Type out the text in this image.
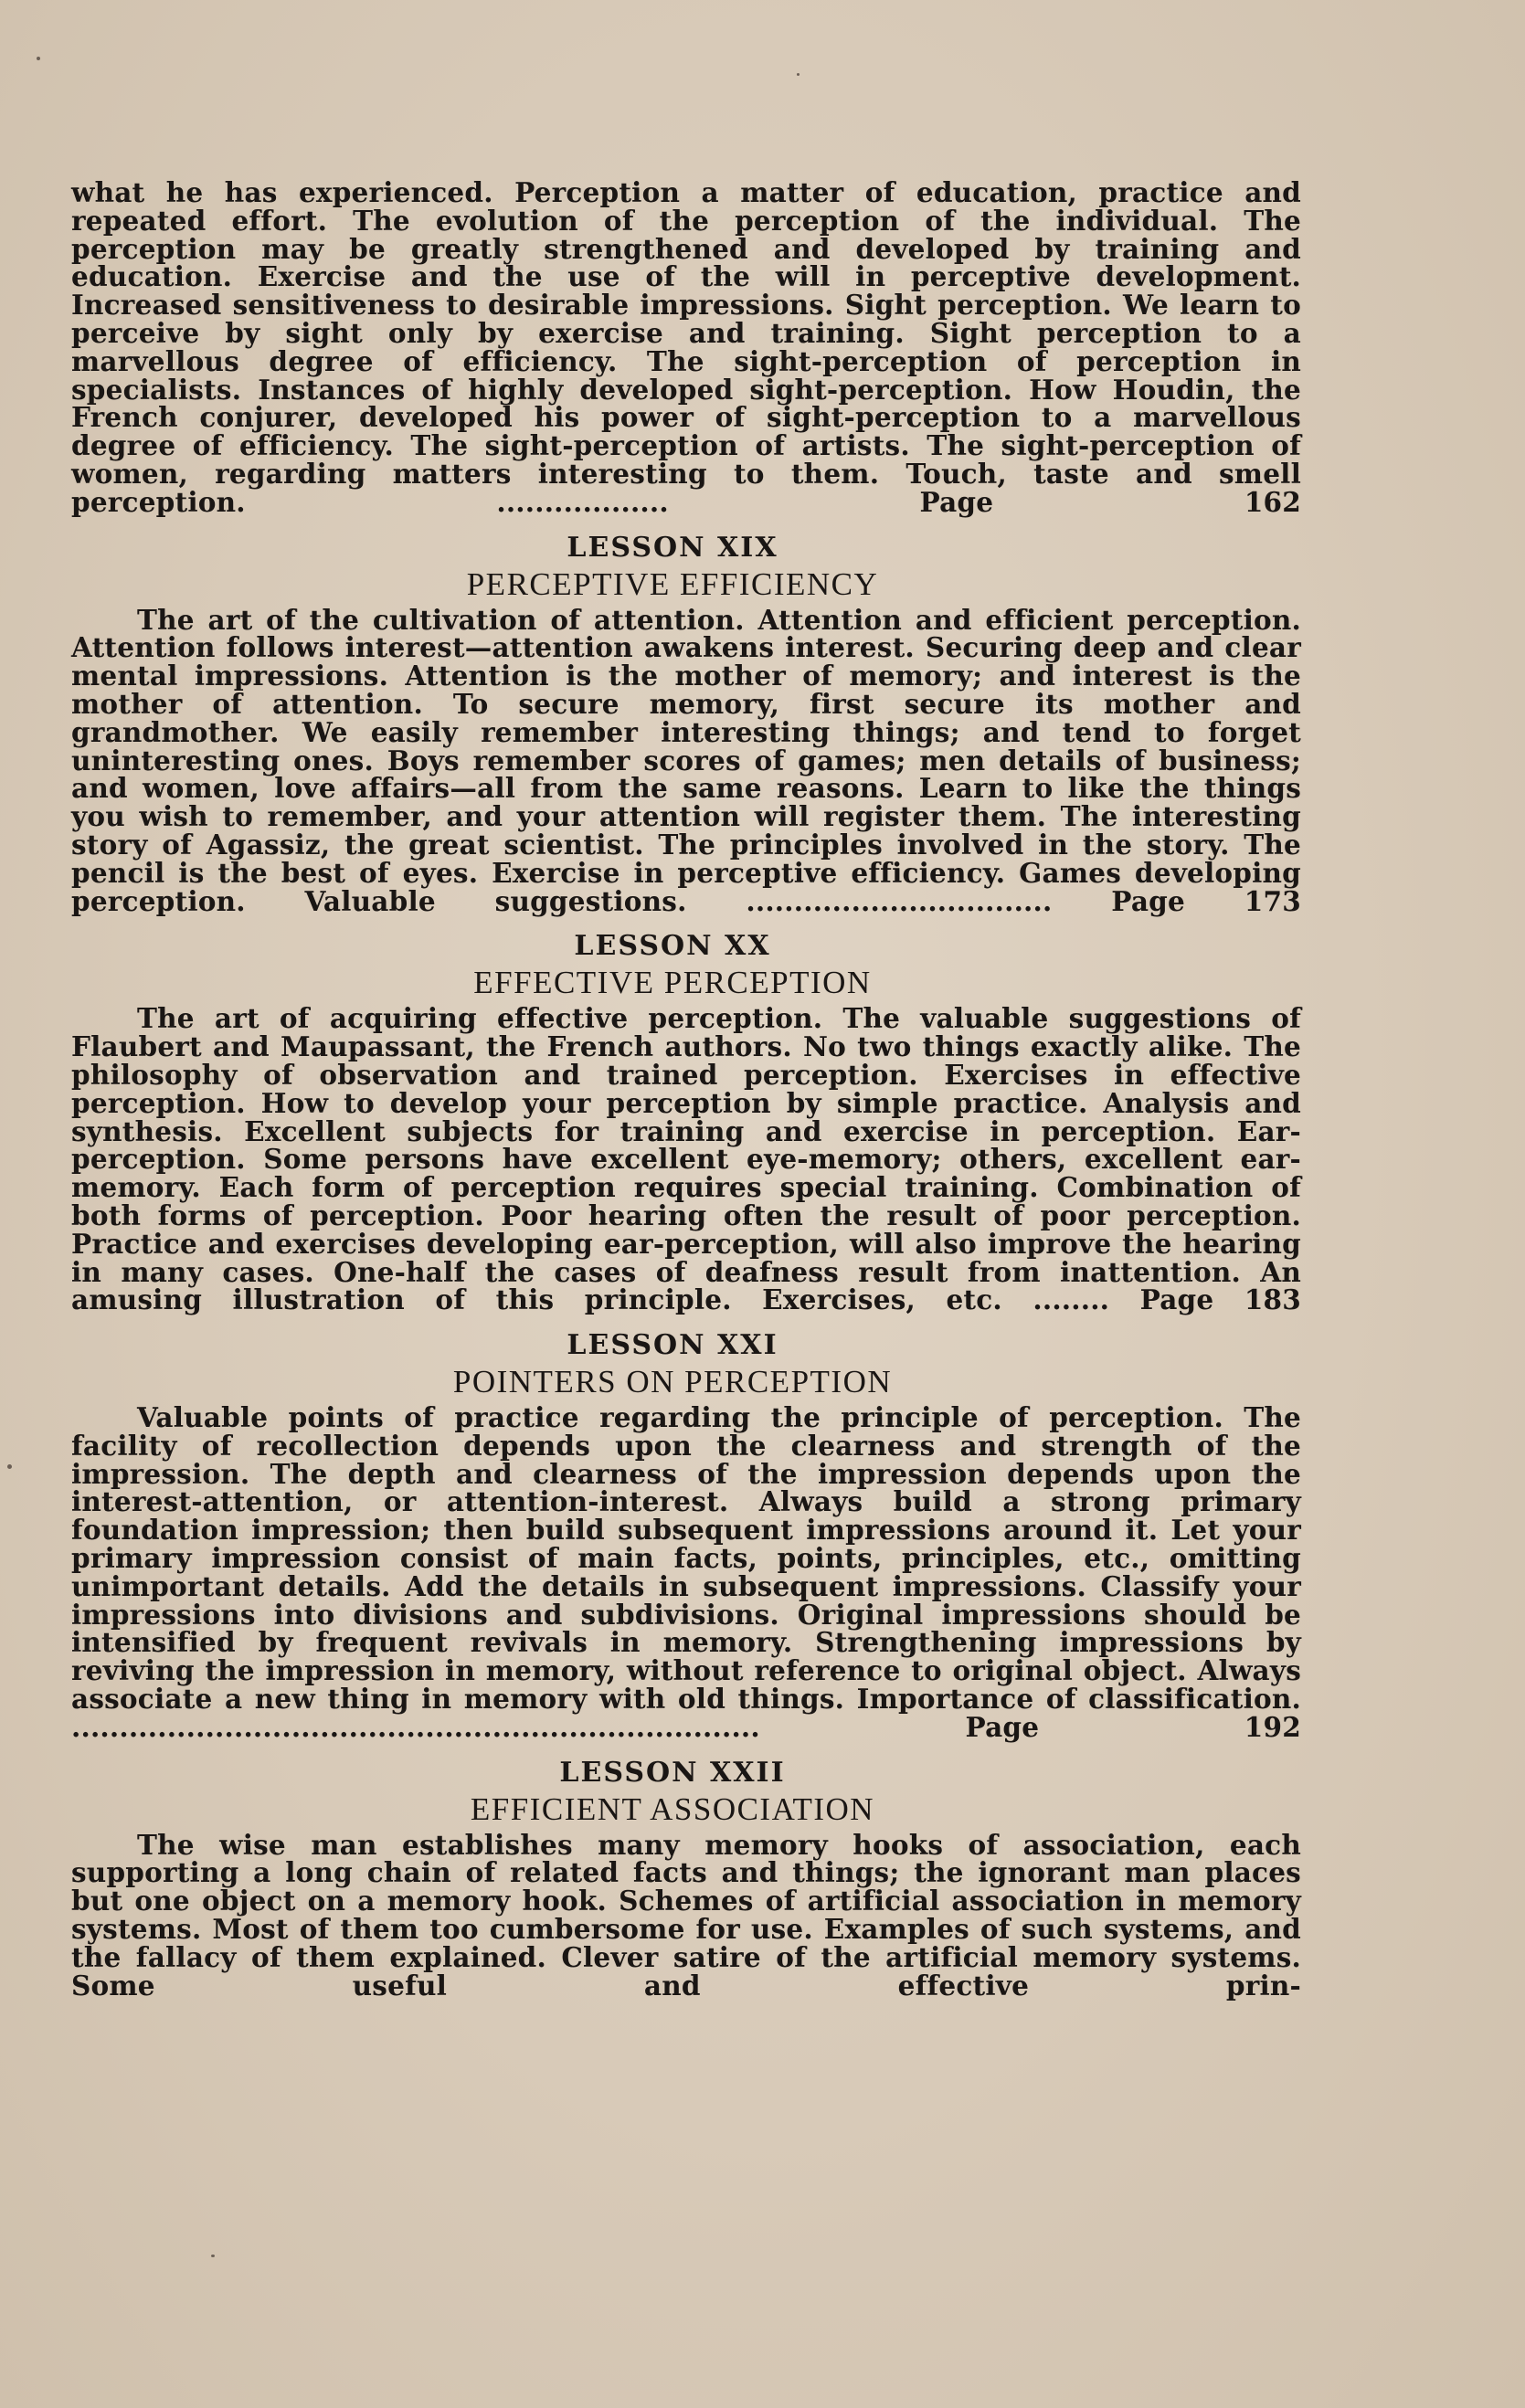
what he has experienced. Perception a matter of education, practice and repeated effort. The evolution of the perception of the individual. The perception may be greatly strengthened and developed by training and education. Exercise and the use of the will in perceptive development. Increased sensitiveness to desirable impressions. Sight perception. We learn to perceive by sight only by exercise and training. Sight perception to a marvellous degree of efficiency. The sight-perception of perception in specialists. Instances of highly developed sight-perception. How Houdin, the French conjurer, developed his power of sight-perception to a marvellous degree of efficiency. The sight-perception of artists. The sight-perception of women, regarding matters interesting to them. Touch, taste and smell perception. .................. Page 162

LESSON XIX

PERCEPTIVE EFFICIENCY

The art of the cultivation of attention. Attention and efficient perception. Attention follows interest—attention awakens interest. Securing deep and clear mental impressions. Attention is the mother of memory; and interest is the mother of attention. To secure memory, first secure its mother and grandmother. We easily remember interesting things; and tend to forget uninteresting ones. Boys remember scores of games; men details of business; and women, love affairs—all from the same reasons. Learn to like the things you wish to remember, and your attention will register them. The interesting story of Agassiz, the great scientist. The principles involved in the story. The pencil is the best of eyes. Exercise in perceptive efficiency. Games developing perception. Valuable suggestions. ................................ Page 173

LESSON XX

EFFECTIVE PERCEPTION

The art of acquiring effective perception. The valuable suggestions of Flaubert and Maupassant, the French authors. No two things exactly alike. The philosophy of observation and trained perception. Exercises in effective perception. How to develop your perception by simple practice. Analysis and synthesis. Excellent subjects for training and exercise in perception. Ear-perception. Some persons have excellent eye-memory; others, excellent ear-memory. Each form of perception requires special training. Combination of both forms of perception. Poor hearing often the result of poor perception. Practice and exercises developing ear-perception, will also improve the hearing in many cases. One-half the cases of deafness result from inattention. An amusing illustration of this principle. Exercises, etc. ........ Page 183

LESSON XXI

POINTERS ON PERCEPTION

Valuable points of practice regarding the principle of perception. The facility of recollection depends upon the clearness and strength of the impression. The depth and clearness of the impression depends upon the interest-attention, or attention-interest. Always build a strong primary foundation impression; then build subsequent impressions around it. Let your primary impression consist of main facts, points, principles, etc., omitting unimportant details. Add the details in subsequent impressions. Classify your impressions into divisions and subdivisions. Original impressions should be intensified by frequent revivals in memory. Strengthening impressions by reviving the impression in memory, without reference to original object. Always associate a new thing in memory with old things. Importance of classification. ........................................................................ Page 192

LESSON XXII

EFFICIENT ASSOCIATION

The wise man establishes many memory hooks of association, each supporting a long chain of related facts and things; the ignorant man places but one object on a memory hook. Schemes of artificial association in memory systems. Most of them too cumbersome for use. Examples of such systems, and the fallacy of them explained. Clever satire of the artificial memory systems. Some useful and effective prin-
